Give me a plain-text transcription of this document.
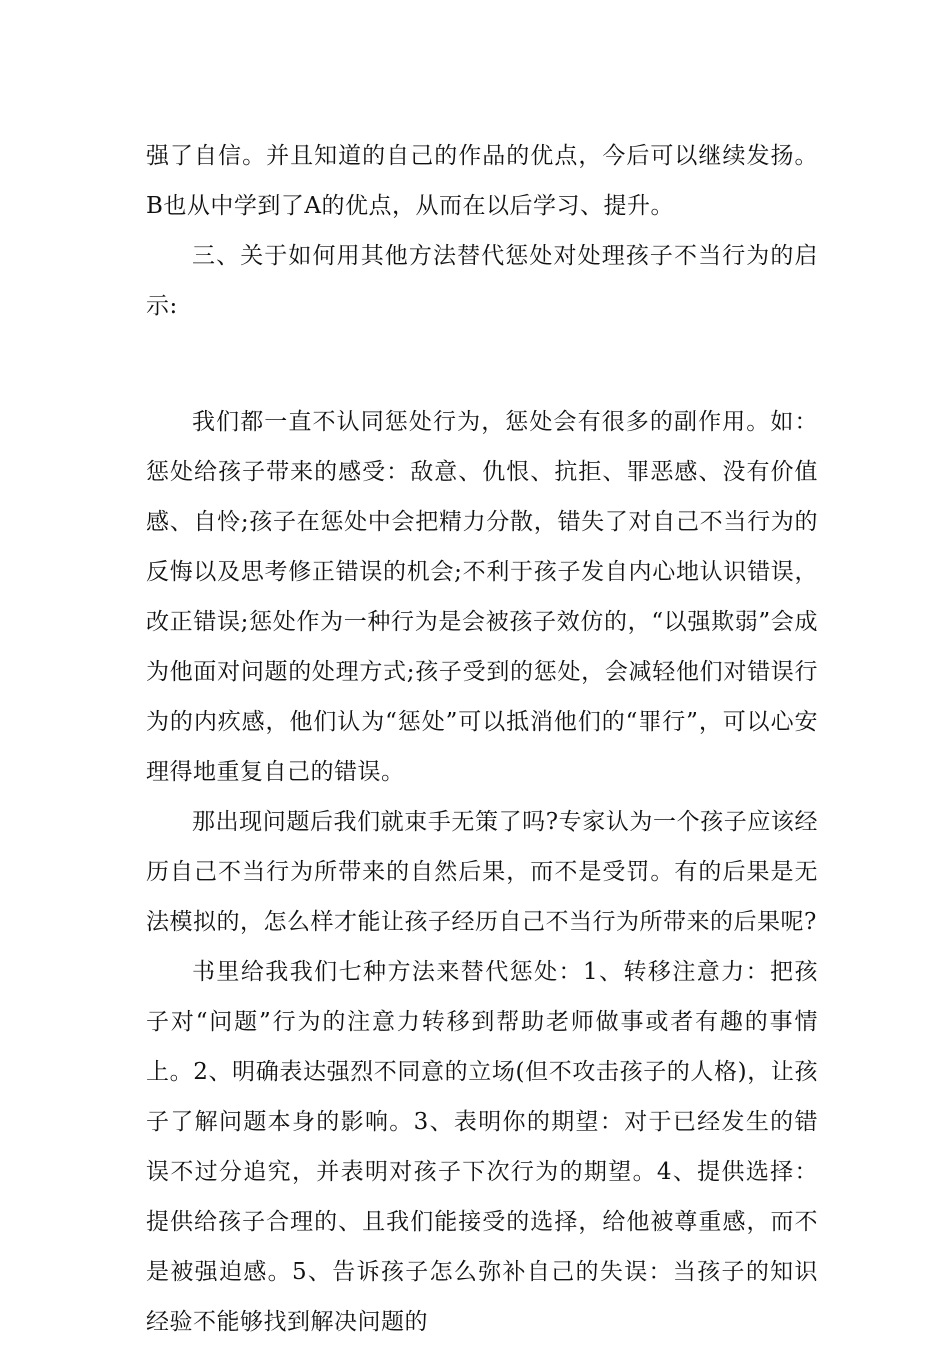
强了自信。并且知道的自己的作品的优点，今后可以继续发扬。B也从中学到了A的优点，从而在以后学习、提升。

三、关于如何用其他方法替代惩处对处理孩子不当行为的启示:

我们都一直不认同惩处行为，惩处会有很多的副作用。如：惩处给孩子带来的感受：敌意、仇恨、抗拒、罪恶感、没有价值感、自怜;孩子在惩处中会把精力分散，错失了对自己不当行为的反悔以及思考修正错误的机会;不利于孩子发自内心地认识错误，改正错误;惩处作为一种行为是会被孩子效仿的，“以强欺弱”会成为他面对问题的处理方式;孩子受到的惩处，会减轻他们对错误行为的内疚感，他们认为“惩处”可以抵消他们的“罪行”，可以心安理得地重复自己的错误。

那出现问题后我们就束手无策了吗?专家认为一个孩子应该经历自己不当行为所带来的自然后果，而不是受罚。有的后果是无法模拟的，怎么样才能让孩子经历自己不当行为所带来的后果呢?

书里给我我们七种方法来替代惩处：1、转移注意力：把孩子对“问题”行为的注意力转移到帮助老师做事或者有趣的事情上。2、明确表达强烈不同意的立场(但不攻击孩子的人格)，让孩子了解问题本身的影响。3、表明你的期望：对于已经发生的错误不过分追究，并表明对孩子下次行为的期望。4、提供选择：提供给孩子合理的、且我们能接受的选择，给他被尊重感，而不是被强迫感。5、告诉孩子怎么弥补自己的失误：当孩子的知识经验不能够找到解决问题的
